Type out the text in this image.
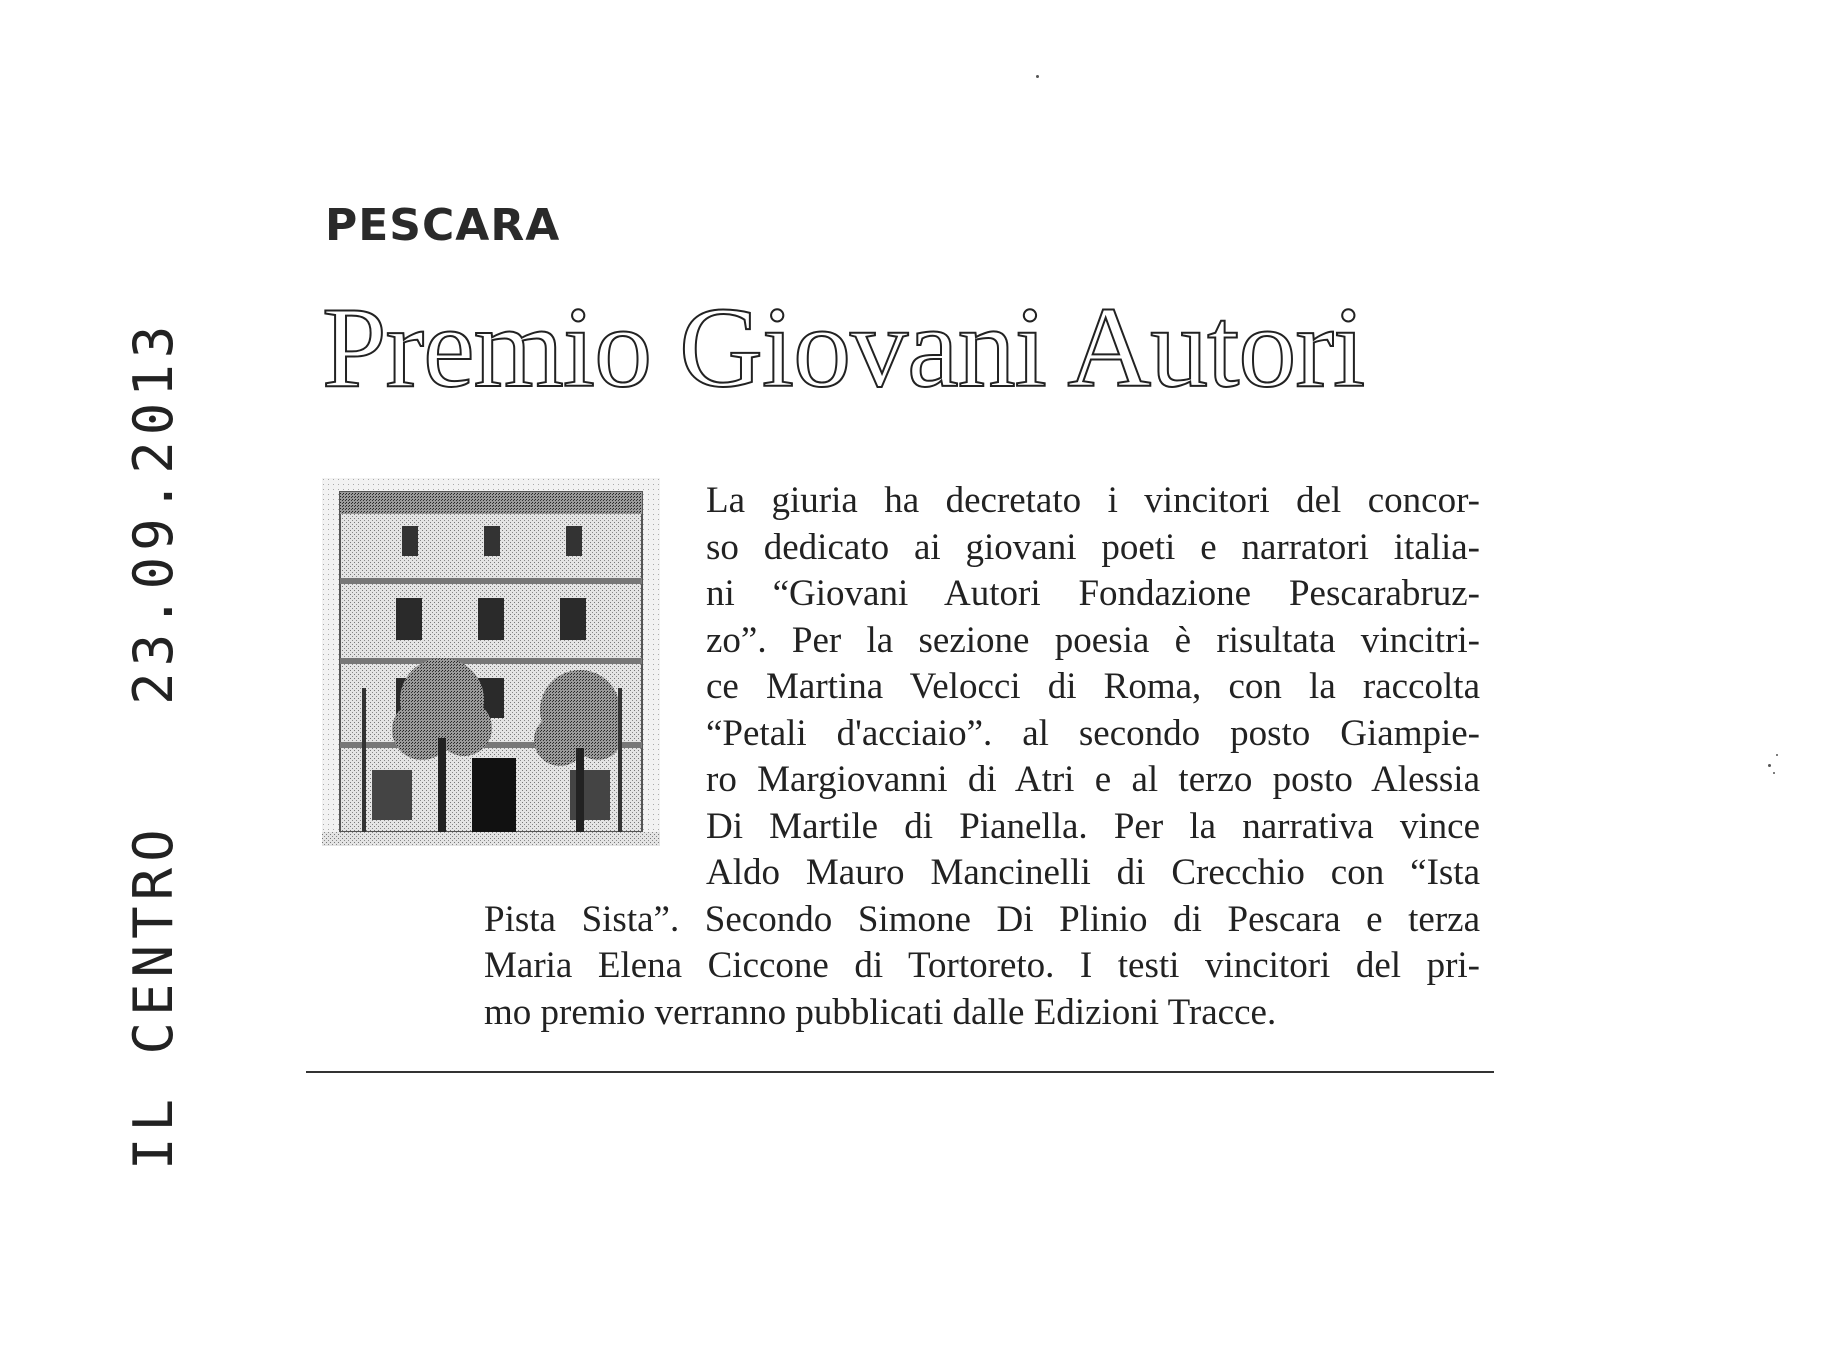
IL CENTRO 23.09.2013
PESCARA
Premio Giovani Autori
La giuria ha decretato i vincitori del concor-
so dedicato ai giovani poeti e narratori italia-
ni “Giovani Autori Fondazione Pescarabruz-
zo”. Per la sezione poesia è risultata vincitri-
ce Martina Velocci di Roma, con la raccolta
“Petali d'acciaio”. al secondo posto Giampie-
ro Margiovanni di Atri e al terzo posto Alessia
Di Martile di Pianella. Per la narrativa vince
Aldo Mauro Mancinelli di Crecchio con “Ista
Pista Sista”. Secondo Simone Di Plinio di Pescara e terza
Maria Elena Ciccone di Tortoreto. I testi vincitori del pri-
mo premio verranno pubblicati dalle Edizioni Tracce.
